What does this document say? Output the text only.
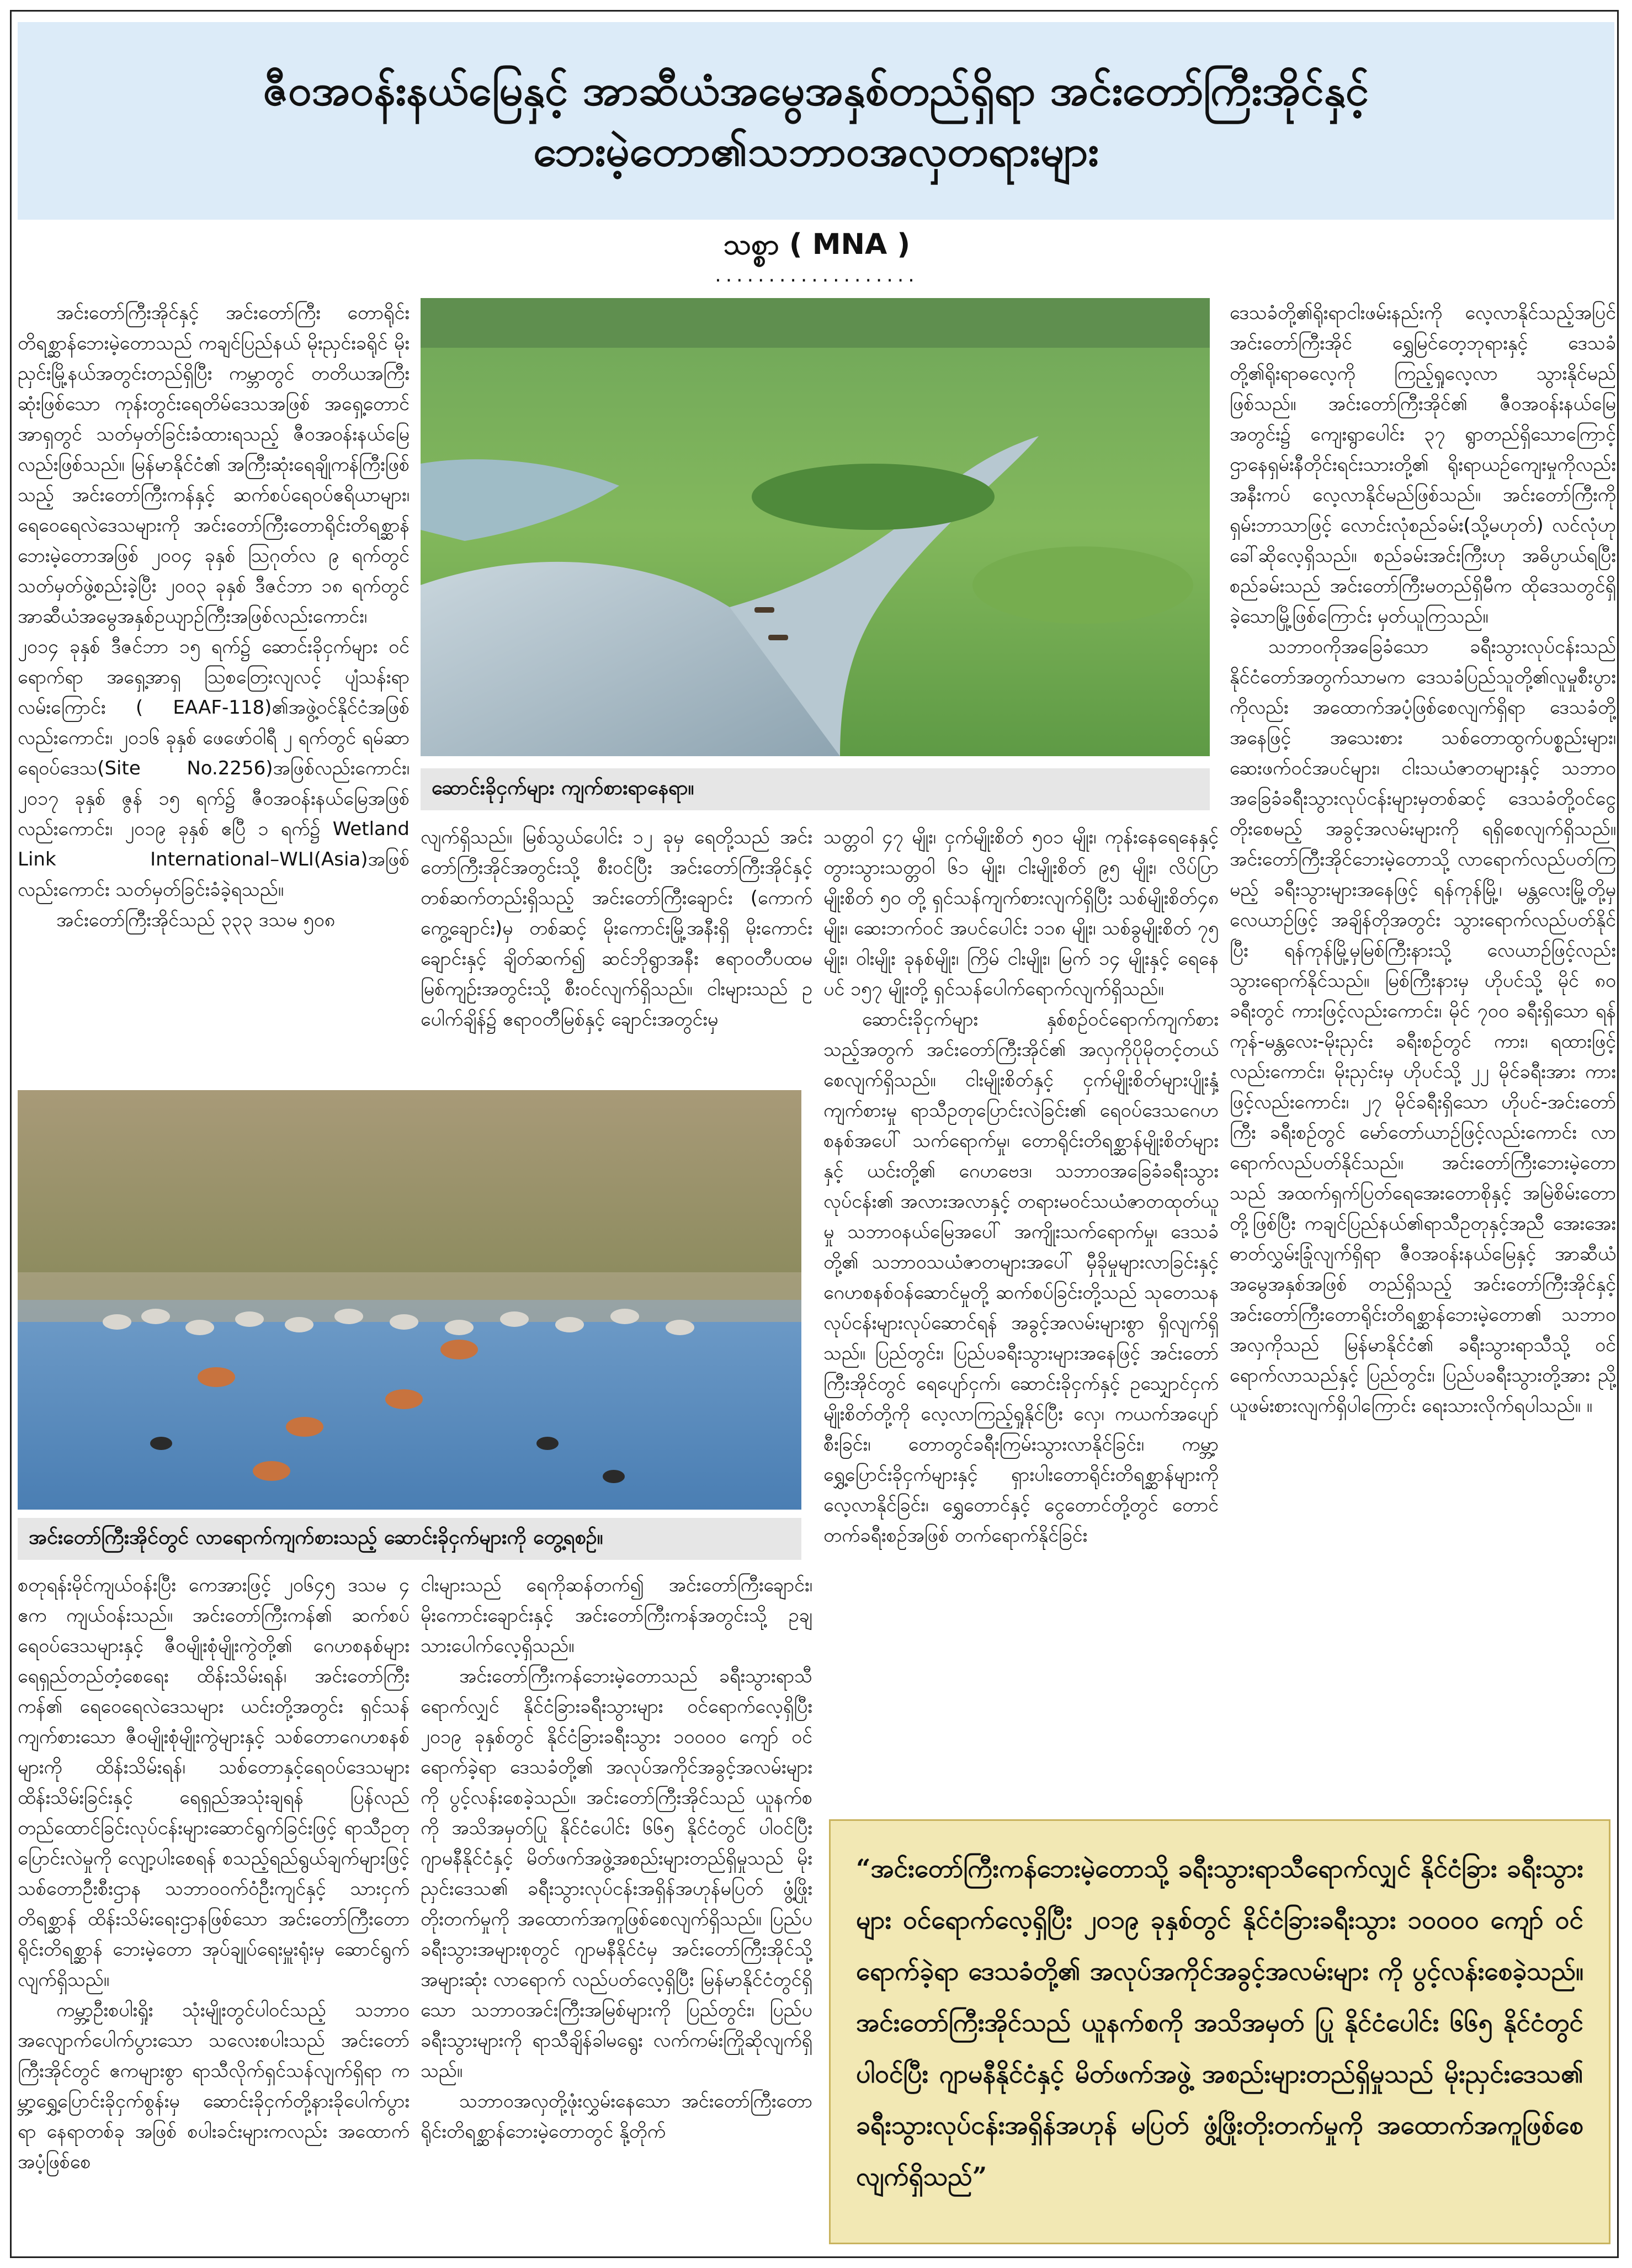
ဇီဝအဝန်းနယ်မြေနှင့် အာဆီယံအမွေအနှစ်တည်ရှိရာ အင်းတော်ကြီးအိုင်နှင့်
ဘေးမဲ့တော၏သဘာဝအလှတရားများ
သစ္စာ ( MNA )
...................

အင်းတော်ကြီးအိုင်နှင့် အင်းတော်ကြီး တောရိုင်းတိရစ္ဆာန်ဘေးမဲ့တောသည် ကချင်ပြည်နယ် မိုးညှင်းခရိုင် မိုးညှင်းမြို့နယ်အတွင်းတည်ရှိပြီး ကမ္ဘာတွင် တတိယအကြီးဆုံးဖြစ်သော ကုန်းတွင်းရေတိမ်ဒေသအဖြစ် အရှေ့တောင်အာရှတွင် သတ်မှတ်ခြင်းခံထားရသည့် ဇီဝအဝန်းနယ်မြေလည်းဖြစ်သည်။ မြန်မာနိုင်ငံ၏ အကြီးဆုံးရေချိုကန်ကြီးဖြစ်သည့် အင်းတော်ကြီးကန်နှင့် ဆက်စပ်ရေဝပ်ဧရိယာများ၊ ရေဝေရေလဲဒေသများကို အင်းတော်ကြီးတောရိုင်းတိရစ္ဆာန်ဘေးမဲ့တောအဖြစ် ၂၀၀၄ ခုနှစ် ဩဂုတ်လ ၉ ရက်တွင် သတ်မှတ်ဖွဲ့စည်းခဲ့ပြီး ၂၀၀၃ ခုနှစ် ဒီဇင်ဘာ ၁၈ ရက်တွင် အာဆီယံအမွေအနှစ်ဥယျာဉ်ကြီးအဖြစ်လည်းကောင်း၊ ၂၀၁၄ ခုနှစ် ဒီဇင်ဘာ ၁၅ ရက်၌ ဆောင်းခိုငှက်များ ဝင်ရောက်ရာ အရှေ့အာရှ ဩစတြေးလျလင့် ပျံသန်းရာ လမ်းကြောင်း ( EAAF-118)၏အဖွဲ့ဝင်နိုင်ငံအဖြစ်လည်းကောင်း၊ ၂၀၁၆ ခုနှစ် ဖေဖော်ဝါရီ ၂ ရက်တွင် ရမ်ဆာ ရေဝပ်ဒေသ(Site No.2256)အဖြစ်လည်းကောင်း၊ ၂၀၁၇ ခုနှစ် ဇွန် ၁၅ ရက်၌ ဇီဝအဝန်းနယ်မြေအဖြစ်လည်းကောင်း၊ ၂၀၁၉ ခုနှစ် ဧပြီ ၁ ရက်၌ Wetland Link International–WLI(Asia)အဖြစ်လည်းကောင်း သတ်မှတ်ခြင်းခံခဲ့ရသည်။

အင်းတော်ကြီးအိုင်သည် ၃၃၃ ဒသမ ၅၀၈

ဆောင်းခိုငှက်များ ကျက်စားရာနေရာ။

လျက်ရှိသည်။ မြစ်သွယ်ပေါင်း ၁၂ ခုမှ ရေတို့သည် အင်းတော်ကြီးအိုင်အတွင်းသို့ စီးဝင်ပြီး အင်းတော်ကြီးအိုင်နှင့် တစ်ဆက်တည်းရှိသည့် အင်းတော်ကြီးချောင်း (ကောက်ကွေ့ချောင်း)မှ တစ်ဆင့် မိုးကောင်းမြို့အနီးရှိ မိုးကောင်းချောင်းနှင့် ချိတ်ဆက်၍ ဆင်ဘိုရွာအနီး ဧရာဝတီပထမမြစ်ကျဉ်းအတွင်းသို့ စီးဝင်လျက်ရှိသည်။ ငါးများသည် ဥပေါက်ချိန်၌ ဧရာဝတီမြစ်နှင့် ချောင်းအတွင်းမှ

သတ္တဝါ ၄၇ မျိုး၊ ငှက်မျိုးစိတ် ၅၀၁ မျိုး၊ ကုန်းနေရေနေနှင့် တွားသွားသတ္တဝါ ၆၁ မျိုး၊ ငါးမျိုးစိတ် ၉၅ မျိုး၊ လိပ်ပြာမျိုးစိတ် ၅၀ တို့ ရှင်သန်ကျက်စားလျက်ရှိပြီး သစ်မျိုးစိတ်၄၈ မျိုး၊ ဆေးဘက်ဝင် အပင်ပေါင်း ၁၁၈ မျိုး၊ သစ်ခွမျိုးစိတ် ၇၅ မျိုး၊ ဝါးမျိုး ခုနစ်မျိုး၊ ကြိမ် ငါးမျိုး၊ မြက် ၁၄ မျိုးနှင့် ရေနေပင် ၁၅၇ မျိုးတို့ ရှင်သန်ပေါက်ရောက်လျက်ရှိသည်။

ဆောင်းခိုငှက်များ နှစ်စဉ်ဝင်ရောက်ကျက်စားသည့်အတွက် အင်းတော်ကြီးအိုင်၏ အလှကိုပိုမိုတင့်တယ်စေလျက်ရှိသည်။ ငါးမျိုးစိတ်နှင့် ငှက်မျိုးစိတ်များပျိုးနှံ့ကျက်စားမှု ရာသီဥတုပြောင်းလဲခြင်း၏ ရေဝပ်ဒေသဂေဟစနစ်အပေါ် သက်ရောက်မှု၊ တောရိုင်းတိရစ္ဆာန်မျိုးစိတ်များနှင့် ယင်းတို့၏ ဂေဟဗေဒ၊ သဘာဝအခြေခံခရီးသွားလုပ်ငန်း၏ အလားအလာနှင့် တရားမဝင်သယံဇာတထုတ်ယူမှု သဘာဝနယ်မြေအပေါ် အကျိုးသက်ရောက်မှု၊ ဒေသခံတို့၏ သဘာဝသယံဇာတများအပေါ် မှီခိုမှုများလာခြင်းနှင့် ဂေဟစနစ်ဝန်ဆောင်မှုတို့ ဆက်စပ်ခြင်းတို့သည် သုတေသနလုပ်ငန်းများလုပ်ဆောင်ရန် အခွင့်အလမ်းများစွာ ရှိလျက်ရှိသည်။ ပြည်တွင်း၊ ပြည်ပခရီးသွားများအနေဖြင့် အင်းတော်ကြီးအိုင်တွင် ရေပျော်ငှက်၊ ဆောင်းခိုငှက်နှင့် ဥသျှောင်ငှက်မျိုးစိတ်တို့ကို လေ့လာကြည့်ရှုနိုင်ပြီး လှေ၊ ကယက်အပျော်စီးခြင်း၊ တောတွင်ခရီးကြမ်းသွားလာနိုင်ခြင်း၊ ကမ္ဘာ့ရွှေ့ပြောင်းခိုငှက်များနှင့် ရှားပါးတောရိုင်းတိရစ္ဆာန်များကို လေ့လာနိုင်ခြင်း၊ ရွှေတောင်နှင့် ငွေတောင်တို့တွင် တောင်တက်ခရီးစဉ်အဖြစ် တက်ရောက်နိုင်ခြင်း

ဒေသခံတို့၏ရိုးရာငါးဖမ်းနည်းကို လေ့လာနိုင်သည့်အပြင် အင်းတော်ကြီးအိုင် ရွှေမြင်တေ့ဘုရားနှင့် ဒေသခံတို့၏ရိုးရာဓလေ့ကို ကြည့်ရှုလေ့လာ သွားနိုင်မည်ဖြစ်သည်။ အင်းတော်ကြီးအိုင်၏ ဇီဝအဝန်းနယ်မြေအတွင်း၌ ကျေးရွာပေါင်း ၃၇ ရွာတည်ရှိသောကြောင့် ဌာနေရှမ်းနီတိုင်းရင်းသားတို့၏ ရိုးရာယဉ်ကျေးမှုကိုလည်း အနီးကပ် လေ့လာနိုင်မည်ဖြစ်သည်။ အင်းတော်ကြီးကို ရှမ်းဘာသာဖြင့် လောင်းလုံစည်ခမ်း(သို့မဟုတ်) လင်လုံဟုခေါ်ဆိုလေ့ရှိသည်။ စည်ခမ်းအင်းကြီးဟု အဓိပ္ပာယ်ရပြီး စည်ခမ်းသည် အင်းတော်ကြီးမတည်ရှိမီက ထိုဒေသတွင်ရှိခဲ့သောမြို့ဖြစ်ကြောင်း မှတ်ယူကြသည်။

သဘာဝကိုအခြေခံသော ခရီးသွားလုပ်ငန်းသည် နိုင်ငံတော်အတွက်သာမက ဒေသခံပြည်သူတို့၏လူမှုစီးပွားကိုလည်း အထောက်အပံ့ဖြစ်စေလျက်ရှိရာ ဒေသခံတို့အနေဖြင့် အသေးစား သစ်တောထွက်ပစ္စည်းများ၊ ဆေးဖက်ဝင်အပင်များ၊ ငါးသယံဇာတများနှင့် သဘာဝအခြေခံခရီးသွားလုပ်ငန်းများမှတစ်ဆင့် ဒေသခံတို့ဝင်ငွေတိုးစေမည့် အခွင့်အလမ်းများကို ရရှိစေလျက်ရှိသည်။ အင်းတော်ကြီးအိုင်ဘေးမဲ့တောသို့ လာရောက်လည်ပတ်ကြမည့် ခရီးသွားများအနေဖြင့် ရန်ကုန်မြို့၊ မန္တလေးမြို့တို့မှ လေယာဉ်ဖြင့် အချိန်တိုအတွင်း သွားရောက်လည်ပတ်နိုင်ပြီး ရန်ကုန်မြို့မှမြစ်ကြီးနားသို့ လေယာဉ်ဖြင့်လည်း သွားရောက်နိုင်သည်။ မြစ်ကြီးနားမှ ဟိုပင်သို့ မိုင် ၈၀ ခရီးတွင် ကားဖြင့်လည်းကောင်း၊ မိုင် ၇၀၀ ခရီးရှိသော ရန်ကုန်-မန္တလေး-မိုးညှင်း ခရီးစဉ်တွင် ကား၊ ရထားဖြင့်လည်းကောင်း၊ မိုးညှင်းမှ ဟိုပင်သို့ ၂၂ မိုင်ခရီးအား ကားဖြင့်လည်းကောင်း၊ ၂၇ မိုင်ခရီးရှိသော ဟိုပင်-အင်းတော်ကြီး ခရီးစဉ်တွင် မော်တော်ယာဉ်ဖြင့်လည်းကောင်း လာရောက်လည်ပတ်နိုင်သည်။ အင်းတော်ကြီးဘေးမဲ့တောသည် အထက်ရှက်ပြတ်ရေအေးတောစိုနှင့် အမြဲစိမ်းတောတို့ဖြစ်ပြီး ကချင်ပြည်နယ်၏ရာသီဥတုနှင့်အညီ အေးအေးဓာတ်လွှမ်းခြုံလျက်ရှိရာ ဇီဝအဝန်းနယ်မြေနှင့် အာဆီယံအမွေအနှစ်အဖြစ် တည်ရှိသည့် အင်းတော်ကြီးအိုင်နှင့် အင်းတော်ကြီးတောရိုင်းတိရစ္ဆာန်ဘေးမဲ့တော၏ သဘာဝအလှကိုသည် မြန်မာနိုင်ငံ၏ ခရီးသွားရာသီသို့ ဝင်ရောက်လာသည်နှင့် ပြည်တွင်း၊ ပြည်ပခရီးသွားတို့အား ညို့ယူဖမ်းစားလျက်ရှိပါကြောင်း ရေးသားလိုက်ရပါသည်။ ။

အင်းတော်ကြီးအိုင်တွင် လာရောက်ကျက်စားသည့် ဆောင်းခိုငှက်များကို တွေ့ရစဉ်။

စတုရန်းမိုင်ကျယ်ဝန်းပြီး ကေအားဖြင့် ၂၀၆၄၅ ဒသမ ၄ ဧက ကျယ်ဝန်းသည်။ အင်းတော်ကြီးကန်၏ ဆက်စပ်ရေဝပ်ဒေသများနှင့် ဇီဝမျိုးစုံမျိုးကွဲတို့၏ ဂေဟစနစ်များ ရေရှည်တည်တံ့စေရေး ထိန်းသိမ်းရန်၊ အင်းတော်ကြီးကန်၏ ရေဝေရေလဲဒေသများ ယင်းတို့အတွင်း ရှင်သန်ကျက်စားသော ဇီဝမျိုးစုံမျိုးကွဲများနှင့် သစ်တောဂေဟစနစ်များကို ထိန်းသိမ်းရန်၊ သစ်တောနှင့်ရေဝပ်ဒေသများ ထိန်းသိမ်းခြင်းနှင့် ရေရှည်အသုံးချရန် ပြန်လည်တည်ထောင်ခြင်းလုပ်ငန်းများဆောင်ရွက်ခြင်းဖြင့် ရာသီဥတုပြောင်းလဲမှုကို လျော့ပါးစေရန် စသည့်ရည်ရွယ်ချက်များဖြင့် သစ်တောဦးစီးဌာန သဘာဝဝက်ဝံဦးကျင်နှင့် သားငှက်တိရစ္ဆာန် ထိန်းသိမ်းရေးဌာနဖြစ်သော အင်းတော်ကြီးတောရိုင်းတိရစ္ဆာန် ဘေးမဲ့တော အုပ်ချုပ်ရေးမှူးရုံးမှ ဆောင်ရွက်လျက်ရှိသည်။

ကမ္ဘာ့ဦးစပါးရှိုး သုံးမျိုးတွင်ပါဝင်သည့် သဘာဝအလျောက်ပေါက်ပွားသော သလေးစပါးသည် အင်းတော်ကြီးအိုင်တွင် ဧကများစွာ ရာသီလိုက်ရှင်သန်လျက်ရှိရာ ကမ္ဘာ့ရွှေ့ပြောင်းခိုငှက်စွန်းမှ ဆောင်းခိုငှက်တို့နားခိုပေါက်ပွားရာ နေရာတစ်ခု အဖြစ် စပါးခင်းများကလည်း အထောက်အပံ့ဖြစ်စေ

ငါးများသည် ရေကိုဆန်တက်၍ အင်းတော်ကြီးချောင်း၊ မိုးကောင်းချောင်းနှင့် အင်းတော်ကြီးကန်အတွင်းသို့ ဥချသားပေါက်လေ့ရှိသည်။

အင်းတော်ကြီးကန်ဘေးမဲ့တောသည် ခရီးသွားရာသီရောက်လျှင် နိုင်ငံခြားခရီးသွားများ ဝင်ရောက်လေ့ရှိပြီး ၂၀၁၉ ခုနှစ်တွင် နိုင်ငံခြားခရီးသွား ၁၀၀၀၀ ကျော် ဝင်ရောက်ခဲ့ရာ ဒေသခံတို့၏ အလုပ်အကိုင်အခွင့်အလမ်းများကို ပွင့်လန်းစေခဲ့သည်။ အင်းတော်ကြီးအိုင်သည် ယူနက်စကို အသိအမှတ်ပြု နိုင်ငံပေါင်း ၆၆၅ နိုင်ငံတွင် ပါဝင်ပြီး ဂျာမနီနိုင်ငံနှင့် မိတ်ဖက်အဖွဲ့အစည်းများတည်ရှိမှုသည် မိုးညှင်းဒေသ၏ ခရီးသွားလုပ်ငန်းအရှိန်အဟုန်မပြတ် ဖွံ့ဖြိုးတိုးတက်မှုကို အထောက်အကူဖြစ်စေလျက်ရှိသည်။ ပြည်ပခရီးသွားအများစုတွင် ဂျာမနီနိုင်ငံမှ အင်းတော်ကြီးအိုင်သို့ အများဆုံး လာရောက် လည်ပတ်လေ့ရှိပြီး မြန်မာနိုင်ငံတွင်ရှိသော သဘာဝအင်းကြီးအမြစ်များကို ပြည်တွင်း၊ ပြည်ပခရီးသွားများကို ရာသီချိန်ခါမရွေး လက်ကမ်းကြိုဆိုလျက်ရှိသည်။

သဘာဝအလှတို့ဖုံးလွှမ်းနေသော အင်းတော်ကြီးတောရိုင်းတိရစ္ဆာန်ဘေးမဲ့တောတွင် နို့တိုက်

“အင်းတော်ကြီးကန်ဘေးမဲ့တောသို့ ခရီးသွားရာသီရောက်လျှင် နိုင်ငံခြား ခရီးသွားများ ဝင်ရောက်လေ့ရှိပြီး ၂၀၁၉ ခုနှစ်တွင် နိုင်ငံခြားခရီးသွား ၁၀၀၀၀ ကျော် ဝင်ရောက်ခဲ့ရာ ဒေသခံတို့၏ အလုပ်အကိုင်အခွင့်အလမ်းများ ကို ပွင့်လန်းစေခဲ့သည်။ အင်းတော်ကြီးအိုင်သည် ယူနက်စကို အသိအမှတ် ပြု နိုင်ငံပေါင်း ၆၆၅ နိုင်ငံတွင်ပါဝင်ပြီး ဂျာမနီနိုင်ငံနှင့် မိတ်ဖက်အဖွဲ့ အစည်းများတည်ရှိမှုသည် မိုးညှင်းဒေသ၏ ခရီးသွားလုပ်ငန်းအရှိန်အဟုန် မပြတ် ဖွံ့ဖြိုးတိုးတက်မှုကို အထောက်အကူဖြစ်စေလျက်ရှိသည်”
